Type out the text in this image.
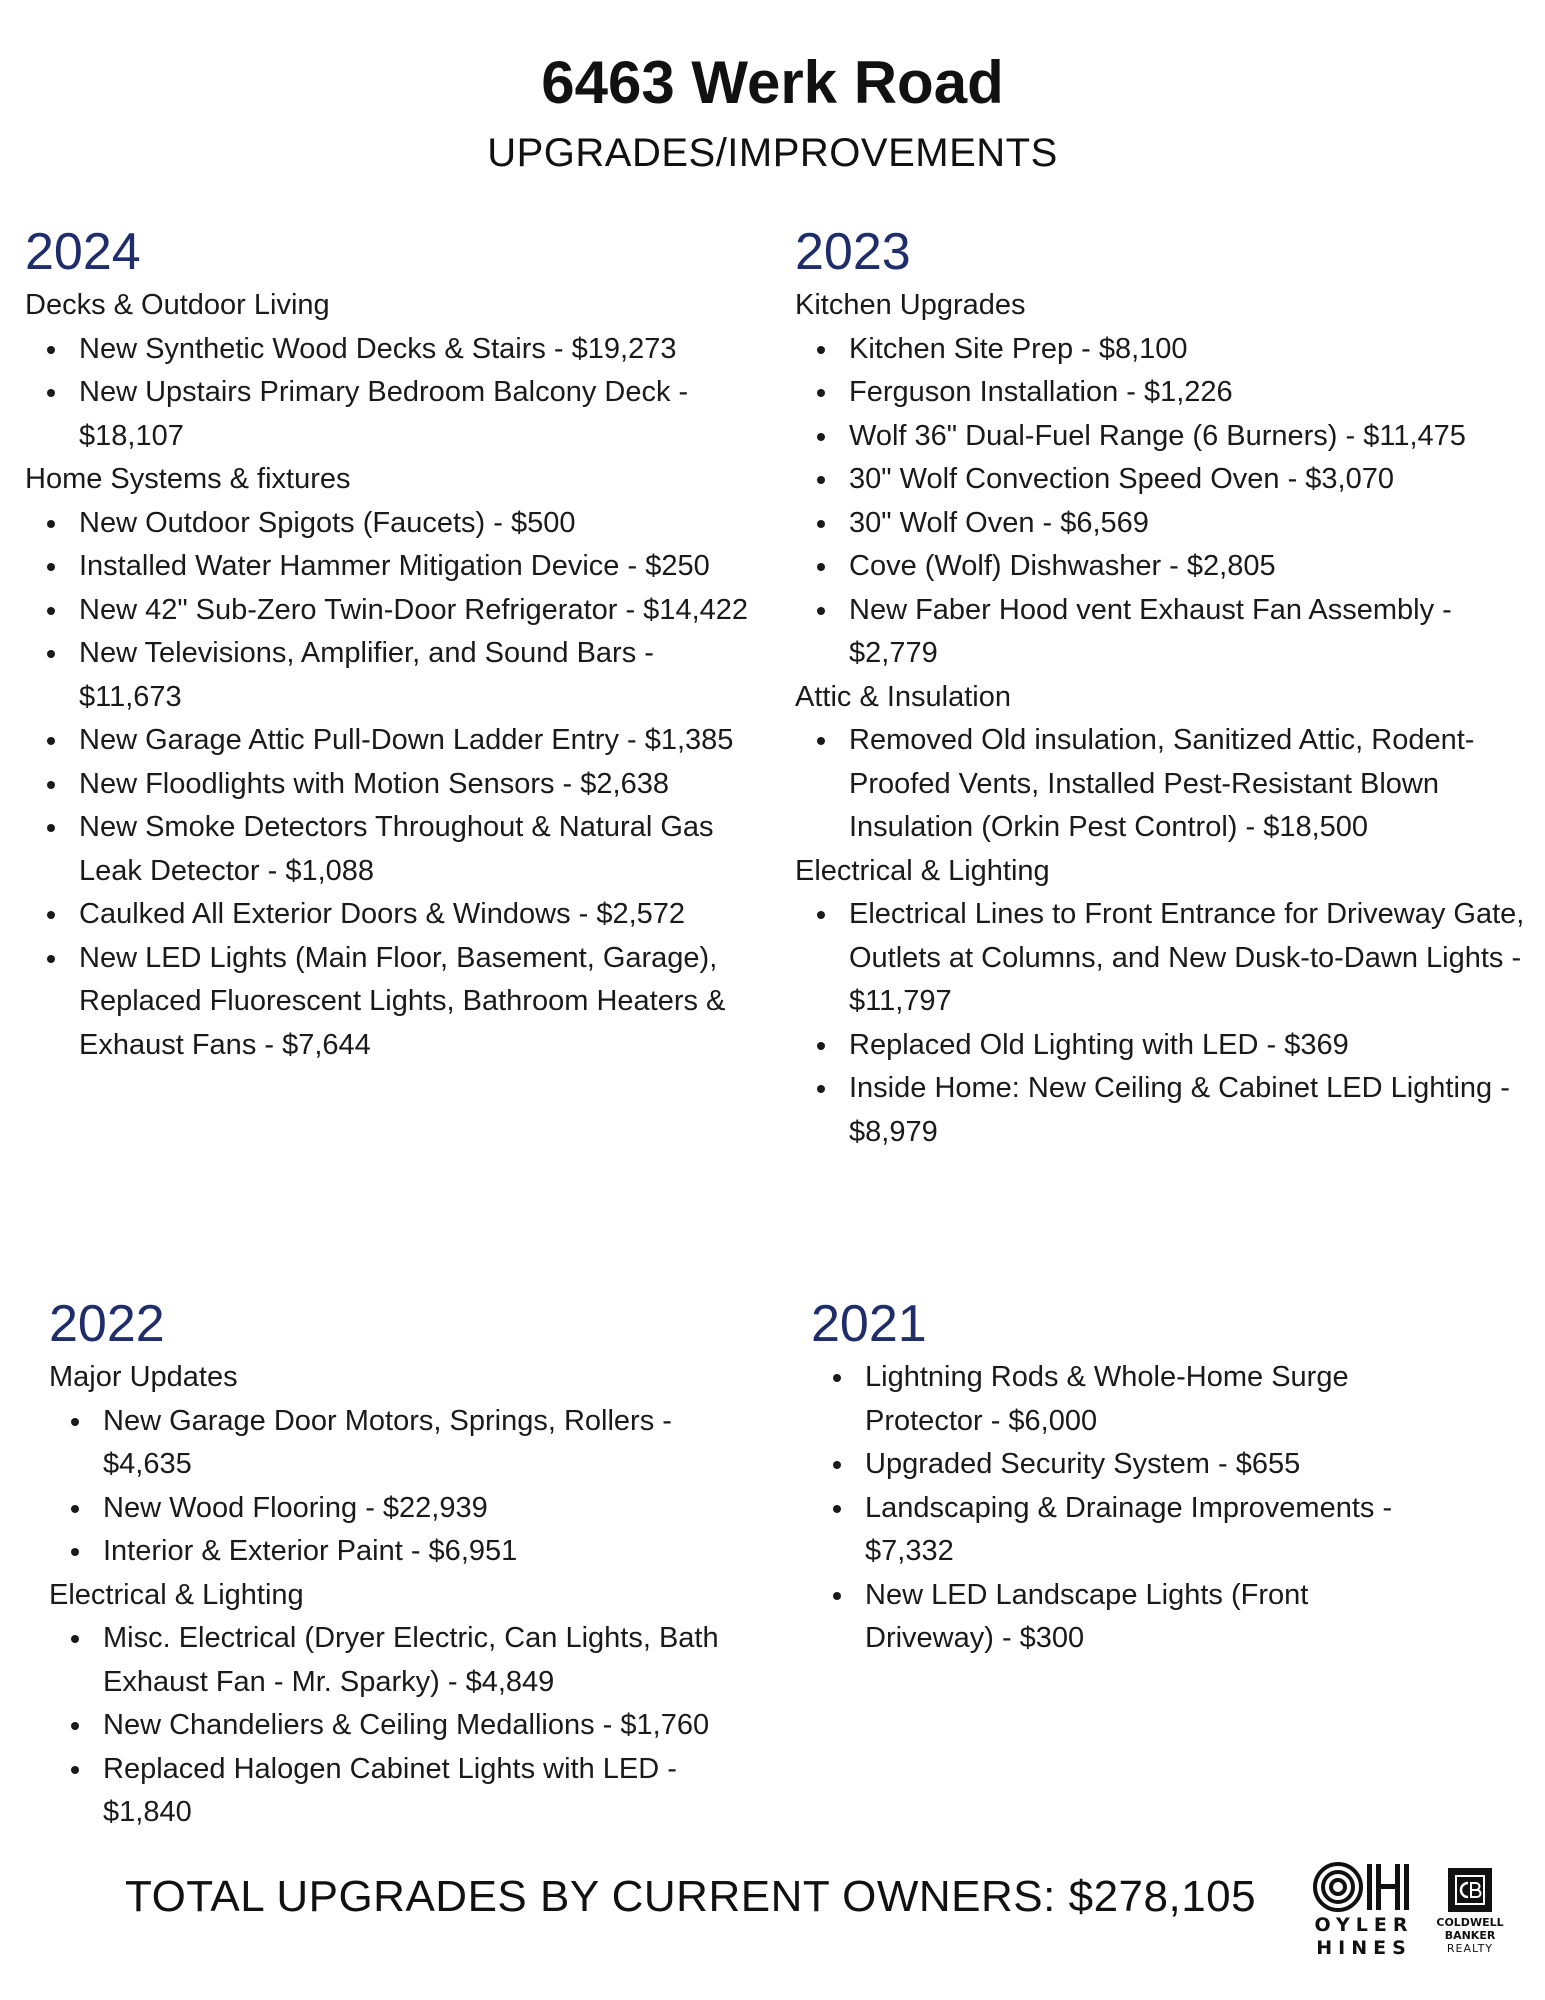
6463 Werk Road
UPGRADES/IMPROVEMENTS
2024
Decks & Outdoor Living
New Synthetic Wood Decks & Stairs - $19,273
New Upstairs Primary Bedroom Balcony Deck - $18,107
Home Systems & fixtures
New Outdoor Spigots (Faucets) - $500
Installed Water Hammer Mitigation Device - $250
New 42" Sub-Zero Twin-Door Refrigerator - $14,422
New Televisions, Amplifier, and Sound Bars - $11,673
New Garage Attic Pull-Down Ladder Entry - $1,385
New Floodlights with Motion Sensors - $2,638
New Smoke Detectors Throughout & Natural Gas Leak Detector - $1,088
Caulked All Exterior Doors & Windows - $2,572
New LED Lights (Main Floor, Basement, Garage), Replaced Fluorescent Lights, Bathroom Heaters & Exhaust Fans - $7,644
2023
Kitchen Upgrades
Kitchen Site Prep - $8,100
Ferguson Installation - $1,226
Wolf 36" Dual-Fuel Range (6 Burners) - $11,475
30" Wolf Convection Speed Oven - $3,070
30" Wolf Oven - $6,569
Cove (Wolf) Dishwasher - $2,805
New Faber Hood vent Exhaust Fan Assembly - $2,779
Attic & Insulation
Removed Old insulation, Sanitized Attic, Rodent-Proofed Vents, Installed Pest-Resistant Blown Insulation (Orkin Pest Control) - $18,500
Electrical & Lighting
Electrical Lines to Front Entrance for Driveway Gate, Outlets at Columns, and New Dusk-to-Dawn Lights - $11,797
Replaced Old Lighting with LED - $369
Inside Home: New Ceiling & Cabinet LED Lighting - $8,979
2022
Major Updates
New Garage Door Motors, Springs, Rollers - $4,635
New Wood Flooring - $22,939
Interior & Exterior Paint - $6,951
Electrical & Lighting
Misc. Electrical (Dryer Electric, Can Lights, Bath Exhaust Fan - Mr. Sparky) - $4,849
New Chandeliers & Ceiling Medallions - $1,760
Replaced Halogen Cabinet Lights with LED - $1,840
2021
Lightning Rods & Whole-Home Surge Protector - $6,000
Upgraded Security System - $655
Landscaping & Drainage Improvements - $7,332
New LED Landscape Lights (Front Driveway) - $300
TOTAL UPGRADES BY CURRENT OWNERS: $278,105
OYLER
HINES
COLDWELL
BANKER
REALTY
